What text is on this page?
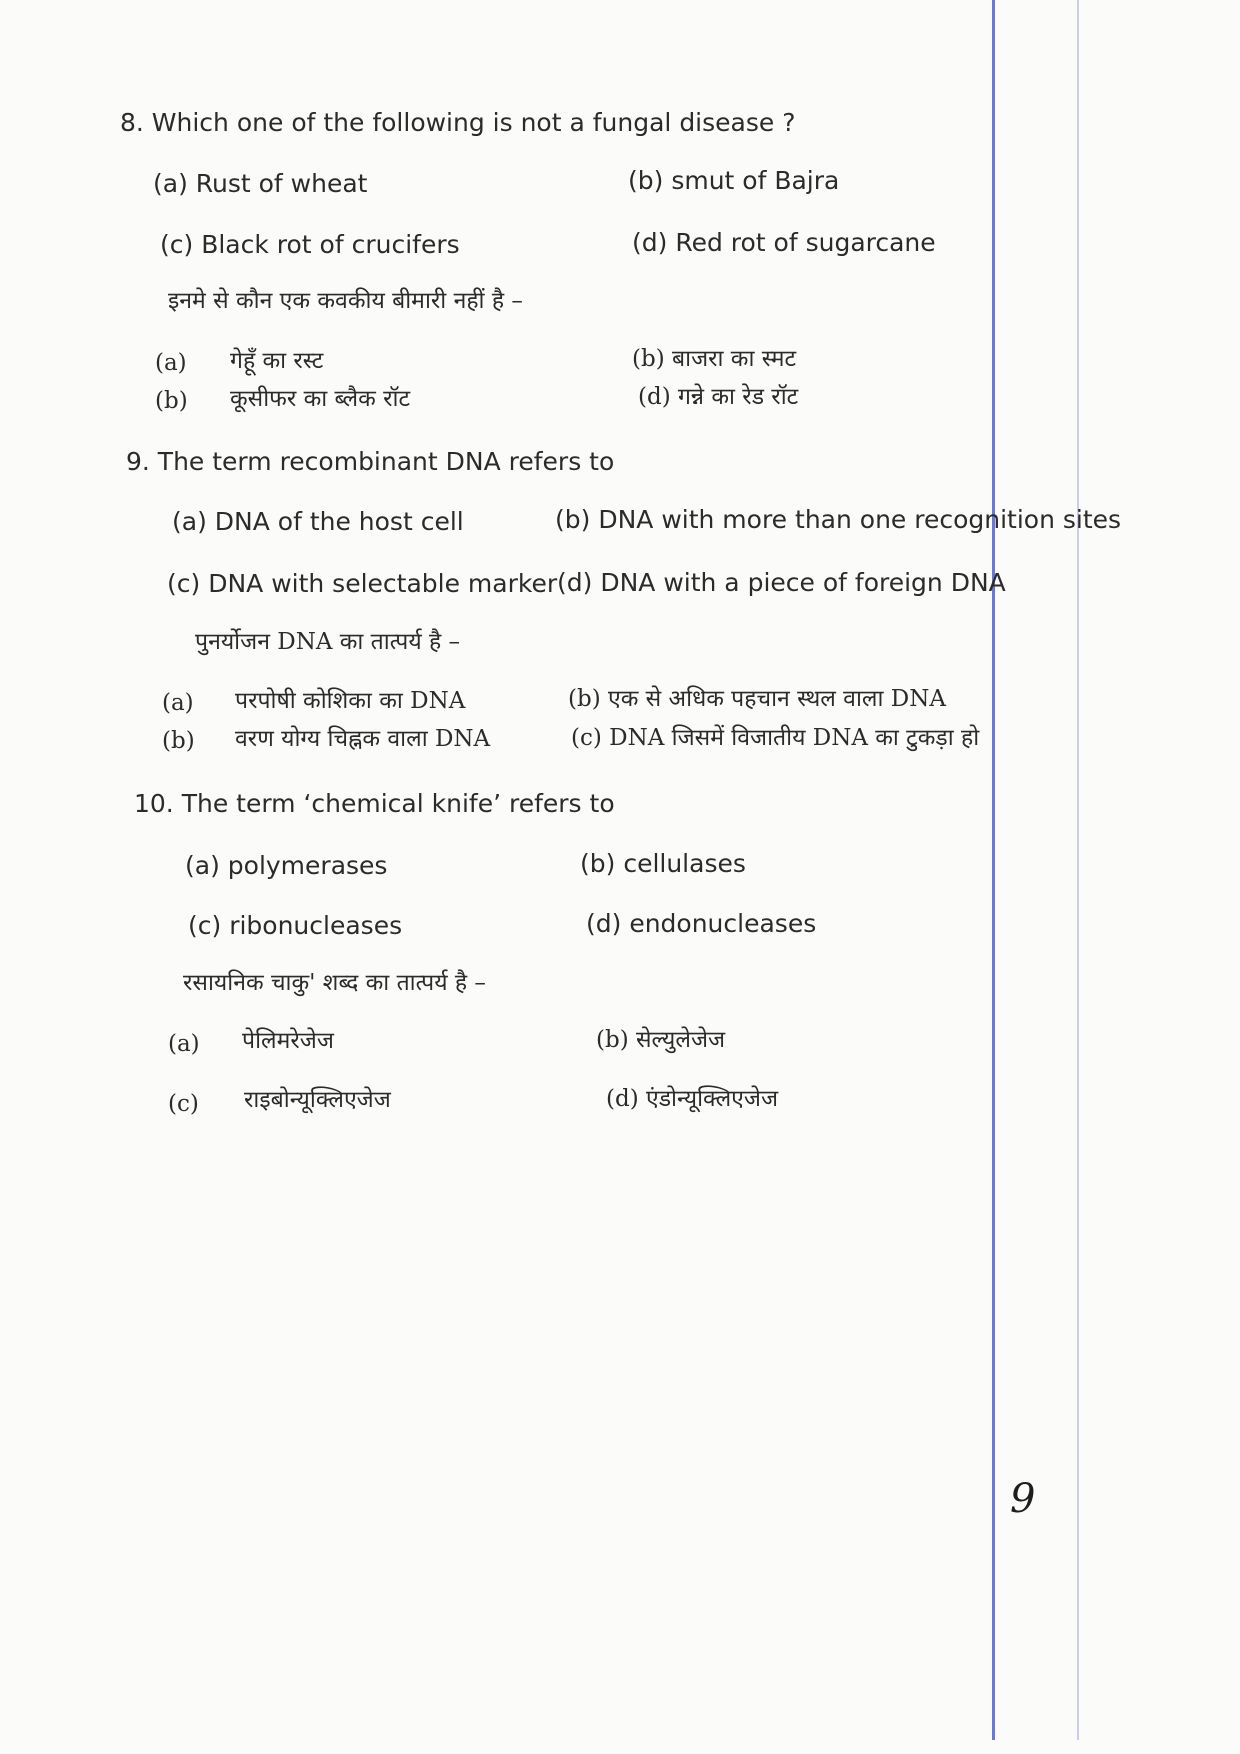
8. Which one of the following is not a fungal disease ?
(a) Rust of wheat	(b) smut of Bajra
(c) Black rot of crucifers	(d) Red rot of sugarcane
इनमे से कौन एक कवकीय बीमारी नहीं है –
(a) गेहूँ का रस्ट	(b) बाजरा का स्मट
(b) कूसीफर का ब्लैक रॉट	(d) गन्ने का रेड रॉट
9. The term recombinant DNA refers to
(a) DNA of the host cell	(b) DNA with more than one recognition sites
(c) DNA with selectable marker (d) DNA with a piece of foreign DNA
पुनर्योजन DNA का तात्पर्य है –
(a) परपोषी कोशिका का DNA	(b) एक से अधिक पहचान स्थल वाला DNA
(b) वरण योग्य चिह्नक वाला DNA	(c) DNA जिसमें विजातीय DNA का टुकड़ा हो
10. The term ‘chemical knife’ refers to
(a) polymerases	(b) cellulases
(c) ribonucleases	(d) endonucleases
रसायनिक चाकु' शब्द का तात्पर्य है –
(a) पेलिमरेजेज	(b) सेल्युलेजेज
(c) राइबोन्यूक्लिएजेज	(d) एंडोन्यूक्लिएजेज
9
